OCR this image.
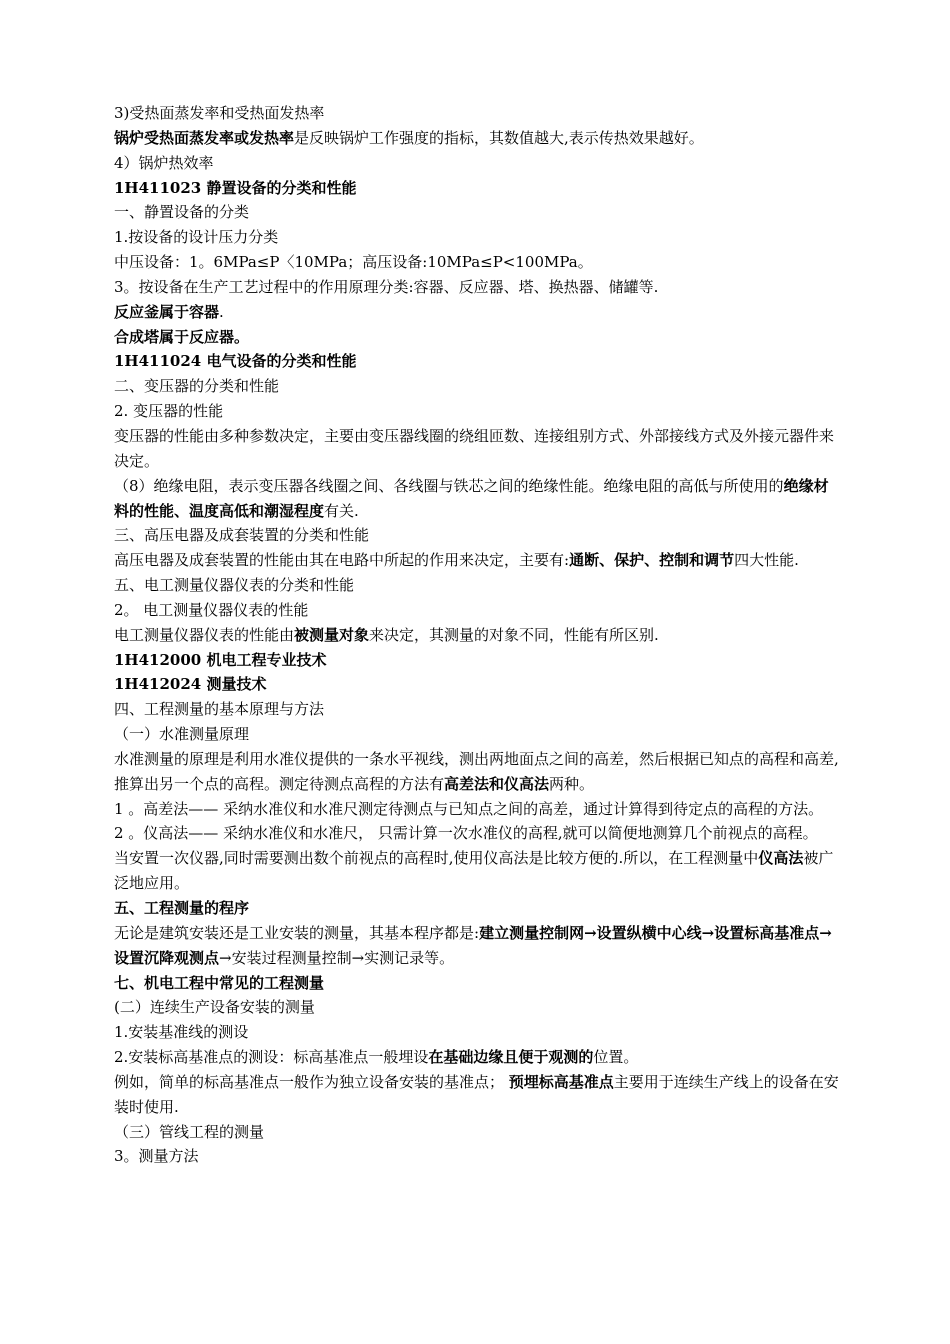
3)受热面蒸发率和受热面发热率

锅炉受热面蒸发率或发热率是反映锅炉工作强度的指标，其数值越大,表示传热效果越好。

4）锅炉热效率

1H411023 静置设备的分类和性能

一、静置设备的分类

1.按设备的设计压力分类

中压设备：1。6MPa≤P〈10MPa；高压设备:10MPa≤P<100MPa。

3。按设备在生产工艺过程中的作用原理分类:容器、反应器、塔、换热器、储罐等.

反应釜属于容器.

合成塔属于反应器。

1H411024 电气设备的分类和性能

二、变压器的分类和性能

2. 变压器的性能

变压器的性能由多种参数决定，主要由变压器线圈的绕组匝数、连接组别方式、外部接线方式及外接元器件来决定。

（8）绝缘电阻，表示变压器各线圈之间、各线圈与铁芯之间的绝缘性能。绝缘电阻的高低与所使用的绝缘材料的性能、温度高低和潮湿程度有关.

三、高压电器及成套装置的分类和性能

高压电器及成套装置的性能由其在电路中所起的作用来决定，主要有:通断、保护、控制和调节四大性能.

五、电工测量仪器仪表的分类和性能

2。 电工测量仪器仪表的性能

电工测量仪器仪表的性能由被测量对象来决定，其测量的对象不同，性能有所区别.

1H412000 机电工程专业技术

1H412024 测量技术

四、工程测量的基本原理与方法

（一）水准测量原理

水准测量的原理是利用水准仪提供的一条水平视线，测出两地面点之间的高差，然后根据已知点的高程和高差,推算出另一个点的高程。测定待测点高程的方法有高差法和仪高法两种。

1 。高差法—— 采纳水准仪和水准尺测定待测点与已知点之间的高差，通过计算得到待定点的高程的方法。

2 。仪高法—— 采纳水准仪和水准尺， 只需计算一次水准仪的高程,就可以简便地测算几个前视点的高程。

当安置一次仪器,同时需要测出数个前视点的高程时,使用仪高法是比较方便的.所以，在工程测量中仪高法被广泛地应用。

五、工程测量的程序

无论是建筑安装还是工业安装的测量，其基本程序都是:建立测量控制网→设置纵横中心线→设置标高基准点→设置沉降观测点→安装过程测量控制→实测记录等。

七、机电工程中常见的工程测量

(二）连续生产设备安装的测量

1.安装基准线的测设

2.安装标高基准点的测设：标高基准点一般埋设在基础边缘且便于观测的位置。

例如，简单的标高基准点一般作为独立设备安装的基准点； 预埋标高基准点主要用于连续生产线上的设备在安装时使用.

（三）管线工程的测量

3。测量方法
